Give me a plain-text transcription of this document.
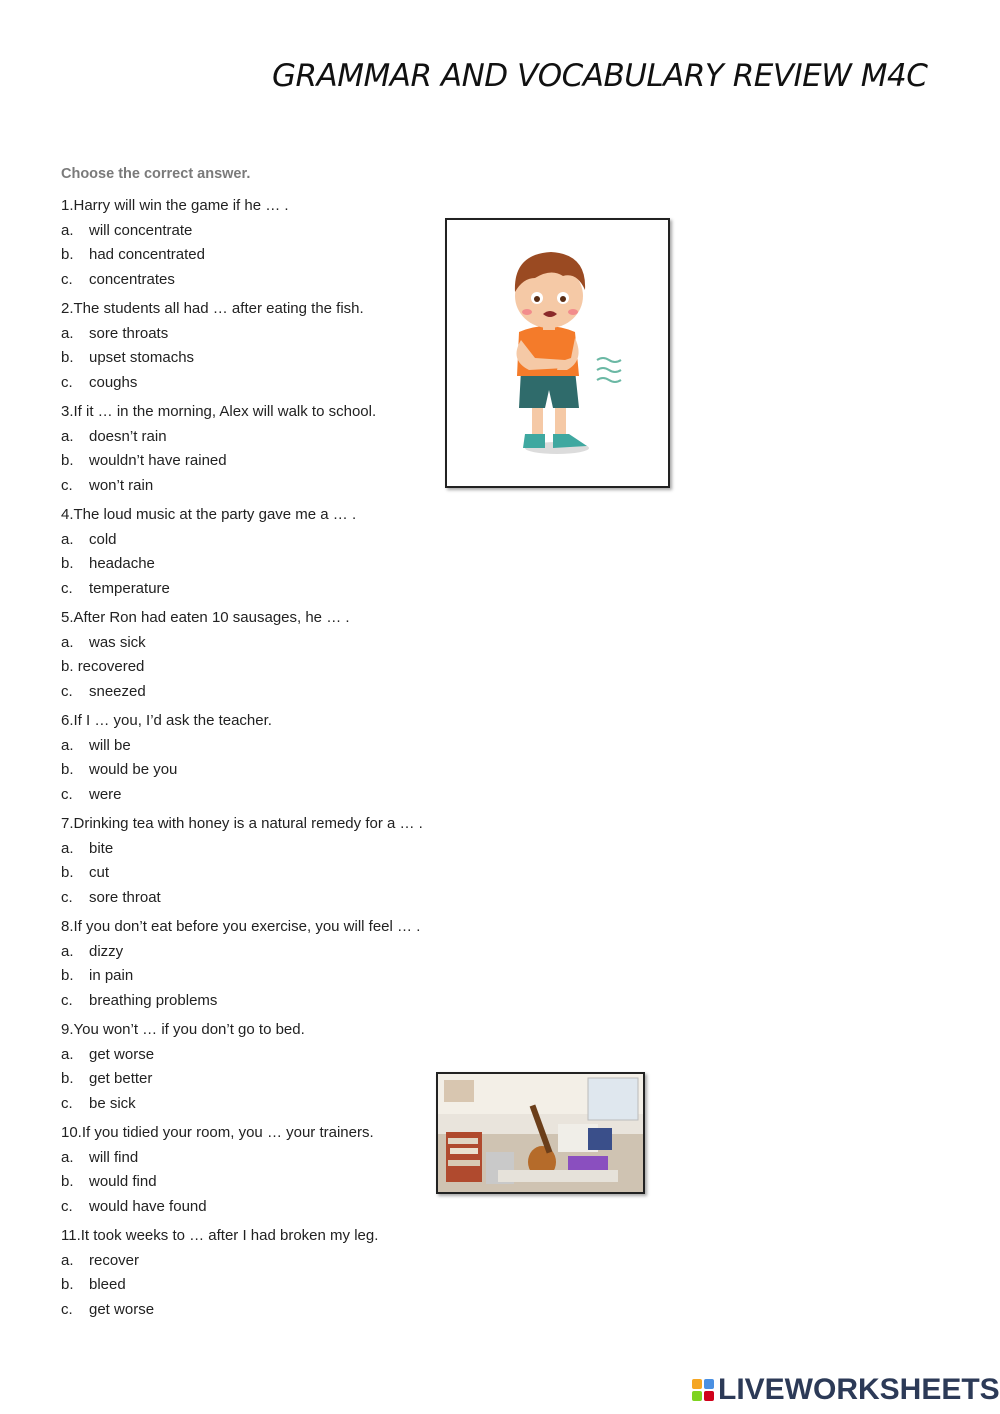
GRAMMAR AND VOCABULARY REVIEW M4C
Choose the correct answer.
1.Harry will win the game if he … .
a. will concentrate
b. had concentrated
c. concentrates
2.The students all had … after eating the fish.
a. sore throats
b. upset stomachs
c. coughs
3.If it … in the morning, Alex will walk to school.
a. doesn’t rain
b. wouldn’t have rained
c. won’t rain
4.The loud music at the party gave me a … .
a. cold
b. headache
c. temperature
5.After Ron had eaten 10 sausages, he … .
a. was sick
b. recovered
c. sneezed
6.If I … you, I’d ask the teacher.
a. will be
b. would be you
c. were
7.Drinking tea with honey is a natural remedy for a … .
a. bite
b. cut
c. sore throat
8.If you don’t eat before you exercise, you will feel … .
a. dizzy
b. in pain
c. breathing problems
9.You won’t … if you don’t go to bed.
a. get worse
b. get better
c. be sick
10.If you tidied your room, you … your trainers.
a. will find
b. would find
c. would have found
11.It took weeks to … after I had broken my leg.
a. recover
b. bleed
c. get worse
LIVEWORKSHEETS
